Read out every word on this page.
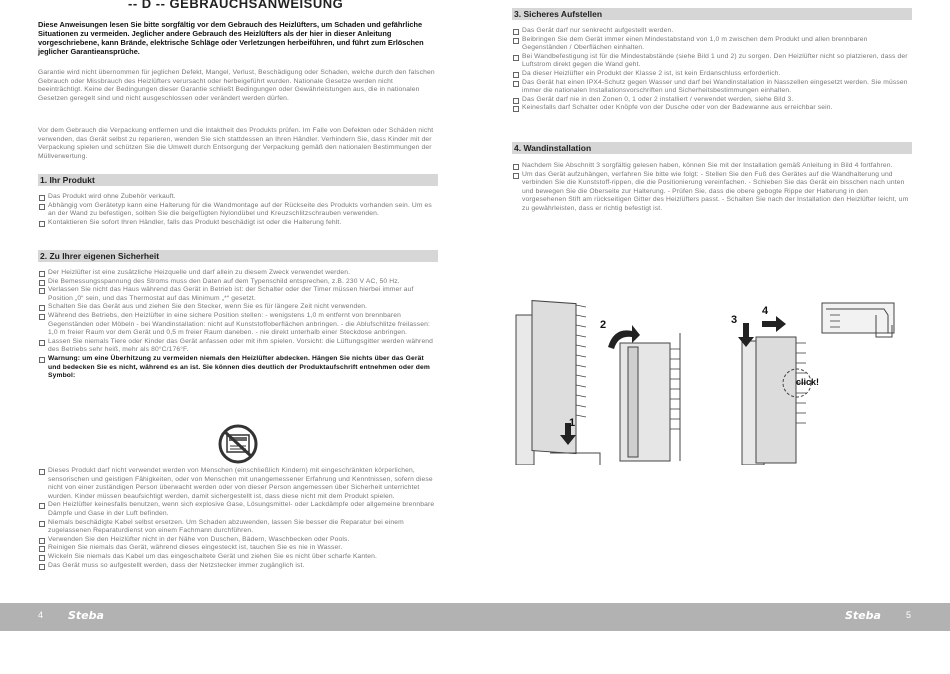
-- D -- GEBRAUCHSANWEISUNG
Diese Anweisungen lesen Sie bitte sorgfältig vor dem Gebrauch des Heizlüfters, um Schaden und gefährliche Situationen zu vermeiden. Jeglicher andere Gebrauch des Heizlüfters als der hier in dieser Anleitung vorgeschriebene, kann Brände, elektrische Schläge oder Verletzungen herbeiführen, und führt zum Erlöschen jeglicher Garantieansprüche.
Garantie wird nicht übernommen für jeglichen Defekt, Mangel, Verlust, Beschädigung oder Schaden, welche durch den falschen Gebrauch oder Missbrauch des Heizlüfters verursacht oder herbeigeführt wurden. Nationale Gesetze werden nicht beeinträchtigt. Keine der Bedingungen dieser Garantie schließt Bedingungen oder Gewährleistungen aus, die in nationalen Gesetzen geregelt sind und nicht ausgeschlossen oder verändert werden dürfen.
Vor dem Gebrauch die Verpackung entfernen und die Intaktheit des Produkts prüfen. Im Falle von Defekten oder Schäden nicht verwenden, das Gerät selbst zu reparieren, wenden Sie sich stattdessen an Ihren Händler. Verhindern Sie, dass Kinder mit der Verpackung spielen und schützen Sie die Umwelt durch Entsorgung der Verpackung gemäß den nationalen Bestimmungen der Müllverwertung.
1. Ihr Produkt
Das Produkt wird ohne Zubehör verkauft.
Abhängig vom Gerätetyp kann eine Halterung für die Wandmontage auf der Rückseite des Produkts vorhanden sein. Um es an der Wand zu befestigen, sollten Sie die beigefügten Nylondübel und Kreuzschlitzschrauben verwenden.
Kontaktieren Sie sofort Ihren Händler, falls das Produkt beschädigt ist oder die Halterung fehlt.
2. Zu Ihrer eigenen Sicherheit
Der Heizlüfter ist eine zusätzliche Heizquelle und darf allein zu diesem Zweck verwendet werden.
Die Bemessungsspannung des Stroms muss den Daten auf dem Typenschild entsprechen, z.B. 230 V AC, 50 Hz.
Verlassen Sie nicht das Haus während das Gerät in Betrieb ist: der Schalter oder der Timer müssen hierbei immer auf Position „0“ sein, und das Thermostat auf das Minimum „*“ gesetzt.
Schalten Sie das Gerät aus und ziehen Sie den Stecker, wenn Sie es für längere Zeit nicht verwenden.
Während des Betriebs, den Heizlüfter in eine sichere Position stellen: - wenigstens 1,0 m entfernt von brennbaren Gegenständen oder Möbeln - bei Wandinstallation: nicht auf Kunststoffoberflächen anbringen. - die Ablufschlitze freilassen: 1,0 m freier Raum vor dem Gerät und 0,5 m freier Raum daneben. - nie direkt unterhalb einer Steckdose anbringen.
Lassen Sie niemals Tiere oder Kinder das Gerät anfassen oder mit ihm spielen. Vorsicht: die Lüftungsgitter werden während des Betriebs sehr heiß, mehr als 80°C/176°F.
Warnung: um eine Überhitzung zu vermeiden niemals den Heizlüfter abdecken. Hängen Sie nichts über das Gerät und bedecken Sie es nicht, während es an ist. Sie können dies deutlich der Produktaufschrift entnehmen oder dem Symbol:
Dieses Produkt darf nicht verwendet werden von Menschen (einschließlich Kindern) mit eingeschränkten körperlichen, sensorischen und geistigen Fähigkeiten, oder von Menschen mit unangemessener Erfahrung und Kenntnissen, sofern diese nicht von einer zuständigen Person überwacht werden oder von dieser Person angemessen über Sicherheit unterrichtet wurden. Kinder müssen beaufsichtigt werden, damit sichergestellt ist, dass diese nicht mit dem Produkt spielen.
Den Heizlüfter keinesfalls benutzen, wenn sich explosive Gase, Lösungsmittel- oder Lackdämpfe oder allgemeine brennbare Dämpfe und Gase in der Luft befinden.
Niemals beschädigte Kabel selbst ersetzen. Um Schaden abzuwenden, lassen Sie besser die Reparatur bei einem zugelassenen Reparaturdienst von einem Fachmann durchführen.
Verwenden Sie den Heizlüfter nicht in der Nähe von Duschen, Bädern, Waschbecken oder Pools.
Reinigen Sie niemals das Gerät, während dieses eingesteckt ist, tauchen Sie es nie in Wasser.
Wickeln Sie niemals das Kabel um das eingeschaltete Gerät und ziehen Sie es nicht über scharfe Kanten.
Das Gerät muss so aufgestellt werden, dass der Netzstecker immer zugänglich ist.
3. Sicheres Aufstellen
Das Gerät darf nur senkrecht aufgestellt werden.
Beibringen Sie dem Gerät immer einen Mindestabstand von 1,0 m zwischen dem Produkt und allen brennbaren Gegenständen / Oberflächen einhalten.
Bei Wandbefestigung ist für die Mindestabstände (siehe Bild 1 und 2) zu sorgen. Den Heizlüfter nicht so platzieren, dass der Luftstrom direkt gegen die Wand geht.
Da dieser Heizlüfter ein Produkt der Klasse 2 ist, ist kein Erdanschluss erforderlich.
Das Gerät hat einen IPX4-Schutz gegen Wasser und darf bei Wandinstallation in Nasszellen eingesetzt werden. Sie müssen immer die nationalen Installationsvorschriften und Sicherheitsbestimmungen einhalten.
Das Gerät darf nie in den Zonen 0, 1 oder 2 installiert / verwendet werden, siehe Bild 3.
Keinesfalls darf Schalter oder Knöpfe von der Dusche oder von der Badewanne aus erreichbar sein.
4. Wandinstallation
Nachdem Sie Abschnitt 3 sorgfältig gelesen haben, können Sie mit der Installation gemäß Anleitung in Bild 4 fortfahren.
Um das Gerät aufzuhängen, verfahren Sie bitte wie folgt: - Stellen Sie den Fuß des Gerätes auf die Wandhalterung und verbinden Sie die Kunststoff-rippen, die die Positionierung vereinfachen. - Schieben Sie das Gerät ein bisschen nach unten und bewegen Sie die Oberseite zur Halterung. - Prüfen Sie, dass die obere gebogte Rippe der Halterung in den vorgesehenen Stift am rückseitigen Gitter des Heizlüfters passt. - Schalten Sie nach der Installation den Heizlüfter leicht, um zu gewährleisten, dass er richtig befestigt ist.
2
1
3
4
click!
4 Steba	Steba	5
